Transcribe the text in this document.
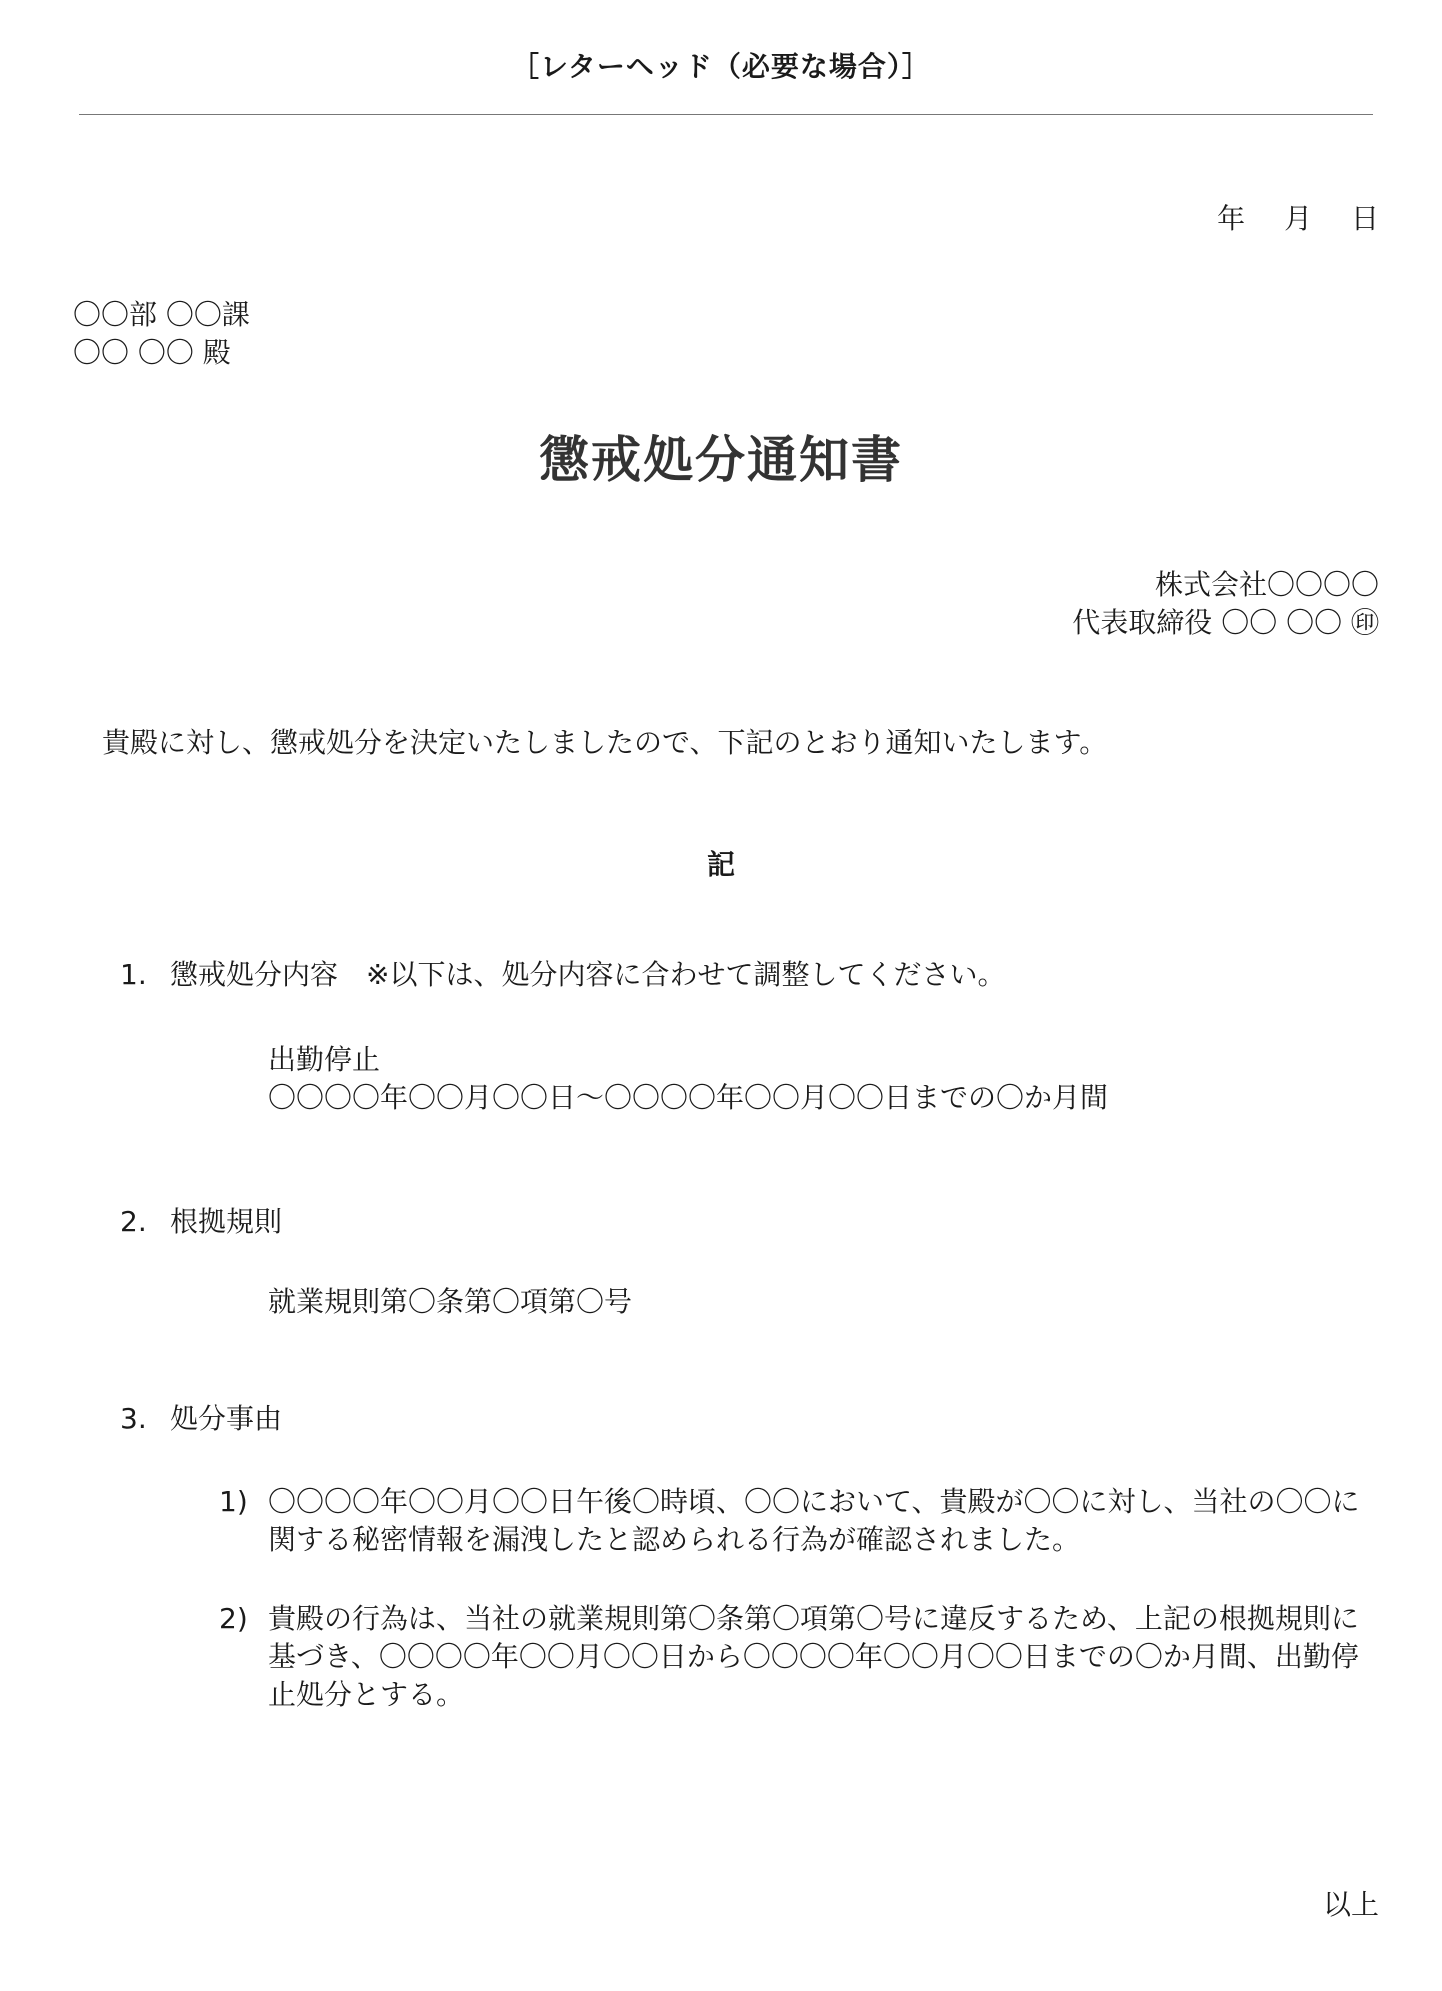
［レターヘッド（必要な場合）］
年 月 日
〇〇部 〇〇課
〇〇 〇〇 殿
懲戒処分通知書
株式会社〇〇〇〇
代表取締役 〇〇 〇〇 ㊞
貴殿に対し、懲戒処分を決定いたしましたので、下記のとおり通知いたします。
記
1. 懲戒処分内容　※以下は、処分内容に合わせて調整してください。
出勤停止
〇〇〇〇年〇〇月〇〇日～〇〇〇〇年〇〇月〇〇日までの〇か月間
2. 根拠規則
就業規則第〇条第〇項第〇号
3. 処分事由
1) 〇〇〇〇年〇〇月〇〇日午後〇時頃、〇〇において、貴殿が〇〇に対し、当社の〇〇に関する秘密情報を漏洩したと認められる行為が確認されました。
2) 貴殿の行為は、当社の就業規則第〇条第〇項第〇号に違反するため、上記の根拠規則に基づき、〇〇〇〇年〇〇月〇〇日から〇〇〇〇年〇〇月〇〇日までの〇か月間、出勤停止処分とする。
以上
